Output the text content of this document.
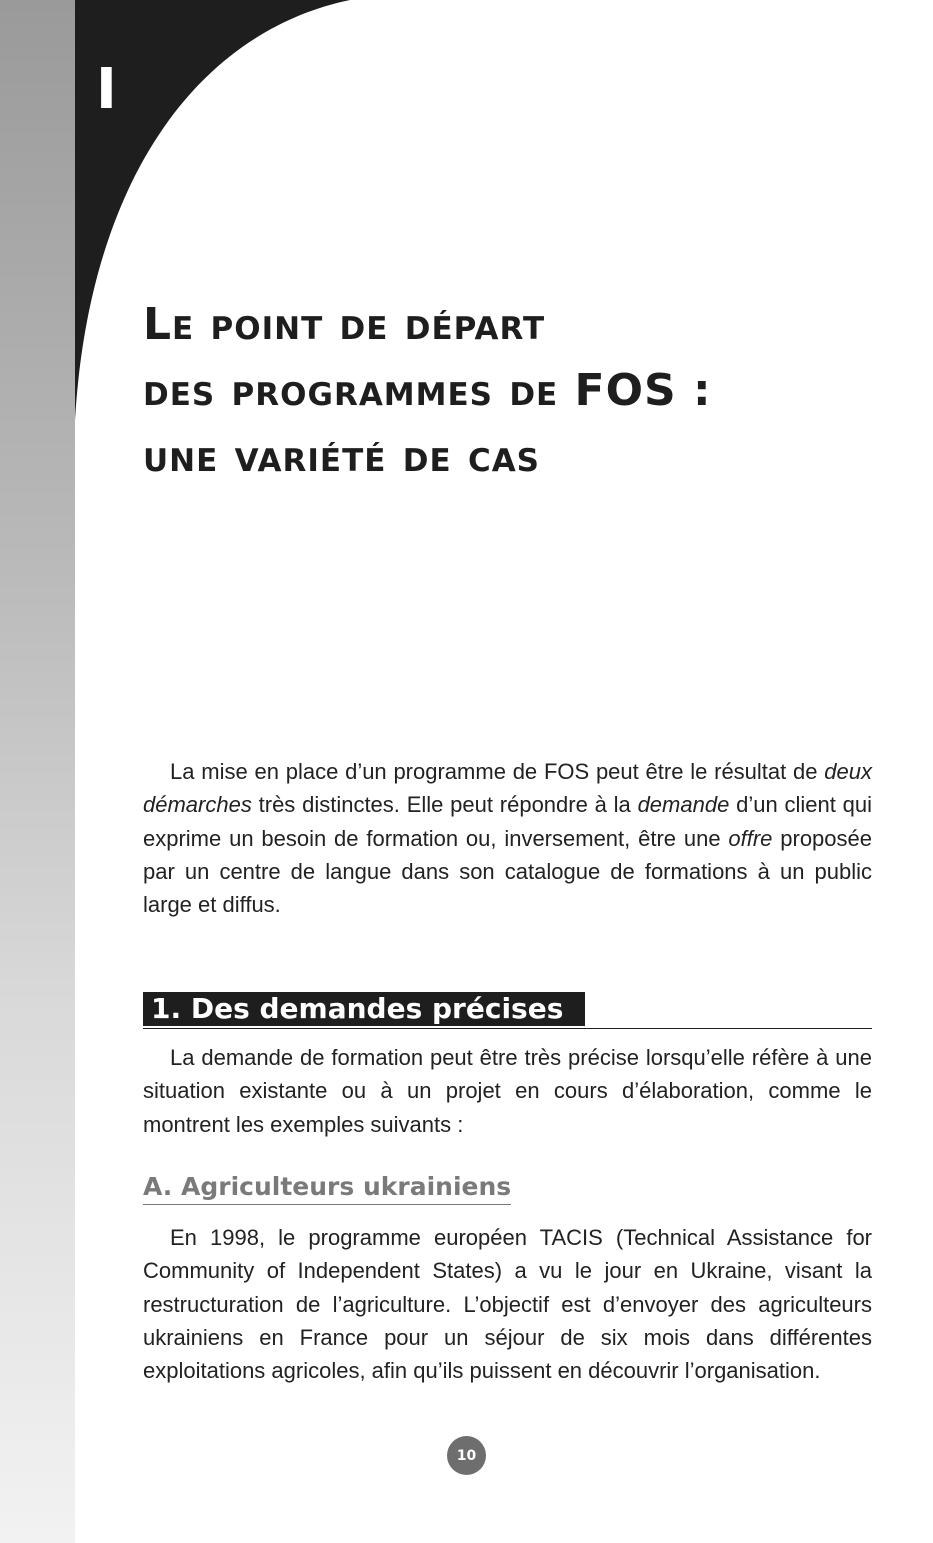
I
Le point de départ
des programmes de FOS :
une variété de cas

La mise en place d’un programme de FOS peut être le résultat de deux démarches très distinctes. Elle peut répondre à la demande d’un client qui exprime un besoin de formation ou, inversement, être une offre proposée par un centre de langue dans son catalogue de formations à un public large et diffus.

1. Des demandes précises

La demande de formation peut être très précise lorsqu’elle réfère à une situation existante ou à un projet en cours d’élaboration, comme le montrent les exemples suivants :

A. Agriculteurs ukrainiens

En 1998, le programme européen TACIS (Technical Assistance for Community of Independent States) a vu le jour en Ukraine, visant la restructuration de l’agriculture. L’objectif est d’envoyer des agriculteurs ukrainiens en France pour un séjour de six mois dans différentes exploitations agricoles, afin qu’ils puissent en découvrir l’organisation.

10
